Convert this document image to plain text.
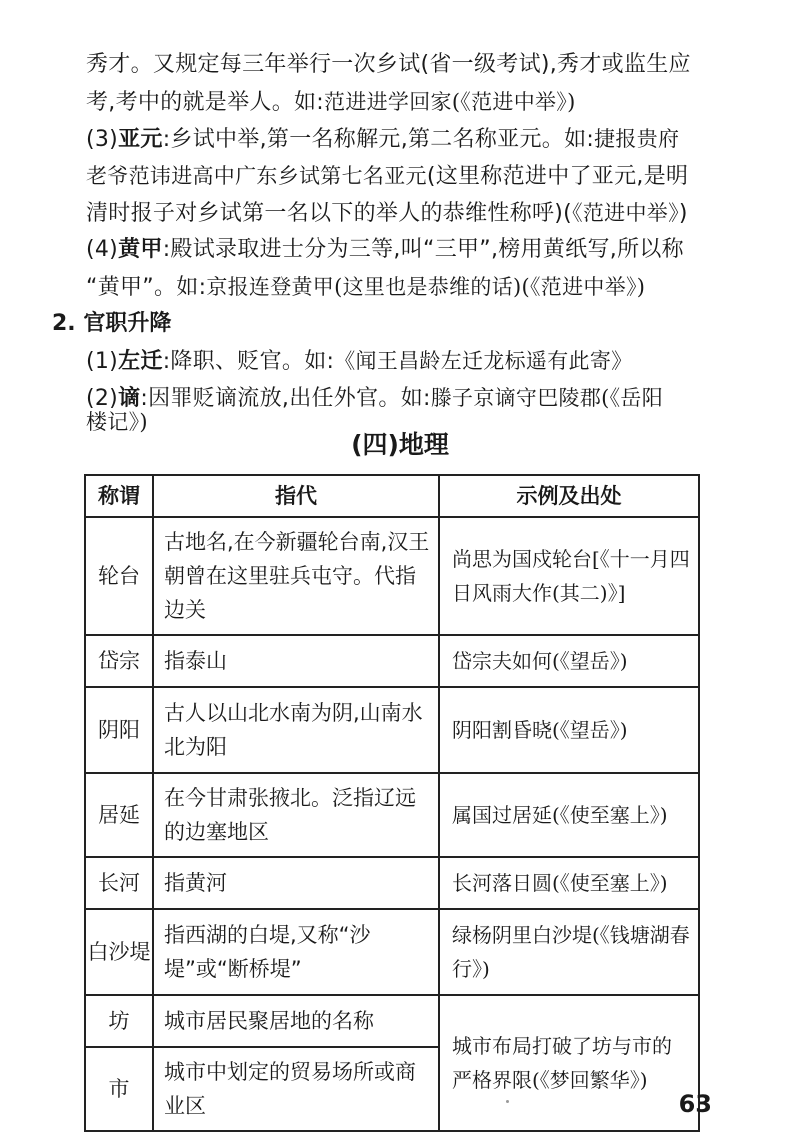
秀才。又规定每三年举行一次乡试(省一级考试),秀才或监生应
考,考中的就是举人。如:范进进学回家(《范进中举》)
(3)亚元:乡试中举,第一名称解元,第二名称亚元。如:捷报贵府
老爷范讳进高中广东乡试第七名亚元(这里称范进中了亚元,是明
清时报子对乡试第一名以下的举人的恭维性称呼)(《范进中举》)
(4)黄甲:殿试录取进士分为三等,叫“三甲”,榜用黄纸写,所以称
“黄甲”。如:京报连登黄甲(这里也是恭维的话)(《范进中举》)
2. 官职升降
(1)左迁:降职、贬官。如:《闻王昌龄左迁龙标遥有此寄》
(2)谪:因罪贬谪流放,出任外官。如:滕子京谪守巴陵郡(《岳阳
楼记》)
(四)地理
称谓	指代	示例及出处
轮台	古地名,在今新疆轮台南,汉王朝曾在这里驻兵屯守。代指边关	尚思为国戍轮台[《十一月四日风雨大作(其二)》]
岱宗	指泰山	岱宗夫如何(《望岳》)
阴阳	古人以山北水南为阴,山南水北为阳	阴阳割昏晓(《望岳》)
居延	在今甘肃张掖北。泛指辽远的边塞地区	属国过居延(《使至塞上》)
长河	指黄河	长河落日圆(《使至塞上》)
白沙堤	指西湖的白堤,又称“沙堤”或“断桥堤”	绿杨阴里白沙堤(《钱塘湖春行》)
坊	城市居民聚居地的名称	城市布局打破了坊与市的严格界限(《梦回繁华》)
市	城市中划定的贸易场所或商业区		63
